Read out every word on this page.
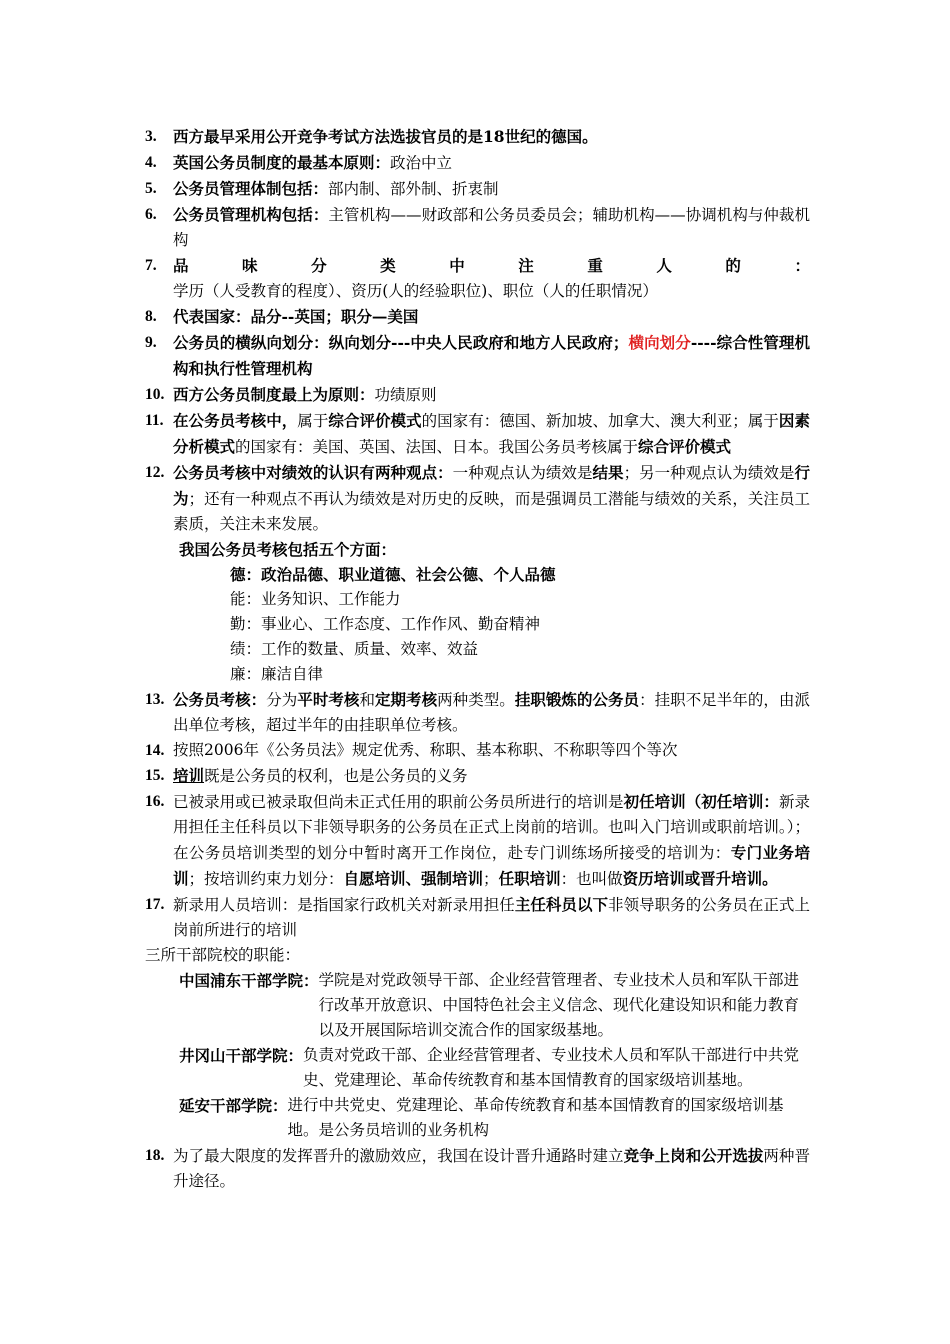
3.	西方最早采用公开竞争考试方法选拔官员的是18世纪的德国。
4.	英国公务员制度的最基本原则：政治中立
5.	公务员管理体制包括：部内制、部外制、折衷制
6.	公务员管理机构包括：主管机构——财政部和公务员委员会；辅助机构——协调机构与仲裁机构
7.	品味分类中注重人的：学历（人受教育的程度）、资历(人的经验职位)、职位（人的任职情况）
8.	代表国家：品分--英国；职分—美国
9.	公务员的横纵向划分：纵向划分---中央人民政府和地方人民政府；横向划分----综合性管理机构和执行性管理机构
10. 西方公务员制度最上为原则：功绩原则
11. 在公务员考核中，属于综合评价模式的国家有：德国、新加坡、加拿大、澳大利亚；属于因素分析模式的国家有：美国、英国、法国、日本。我国公务员考核属于综合评价模式
12. 公务员考核中对绩效的认识有两种观点：一种观点认为绩效是结果；另一种观点认为绩效是行为；还有一种观点不再认为绩效是对历史的反映，而是强调员工潜能与绩效的关系，关注员工素质，关注未来发展。
我国公务员考核包括五个方面：
德：政治品德、职业道德、社会公德、个人品德
能：业务知识、工作能力
勤：事业心、工作态度、工作作风、勤奋精神
绩：工作的数量、质量、效率、效益
廉：廉洁自律
13. 公务员考核：分为平时考核和定期考核两种类型。挂职锻炼的公务员：挂职不足半年的，由派出单位考核，超过半年的由挂职单位考核。
14. 按照2006年《公务员法》规定优秀、称职、基本称职、不称职等四个等次
15. 培训既是公务员的权利，也是公务员的义务
16. 已被录用或已被录取但尚未正式任用的职前公务员所进行的培训是初任培训（初任培训：新录用担任主任科员以下非领导职务的公务员在正式上岗前的培训。也叫入门培训或职前培训。）；在公务员培训类型的划分中暂时离开工作岗位，赴专门训练场所接受的培训为：专门业务培训；按培训约束力划分：自愿培训、强制培训；任职培训：也叫做资历培训或晋升培训。
17. 新录用人员培训：是指国家行政机关对新录用担任主任科员以下非领导职务的公务员在正式上岗前所进行的培训
三所干部院校的职能：
中国浦东干部学院： 学院是对党政领导干部、企业经营管理者、专业技术人员和军队干部进行改革开放意识、中国特色社会主义信念、现代化建设知识和能力教育以及开展国际培训交流合作的国家级基地。
井冈山干部学院： 负责对党政干部、企业经营管理者、专业技术人员和军队干部进行中共党史、党建理论、革命传统教育和基本国情教育的国家级培训基地。
延安干部学院： 进行中共党史、党建理论、革命传统教育和基本国情教育的国家级培训基地。是公务员培训的业务机构
18. 为了最大限度的发挥晋升的激励效应，我国在设计晋升通路时建立竞争上岗和公开选拔两种晋升途径。
